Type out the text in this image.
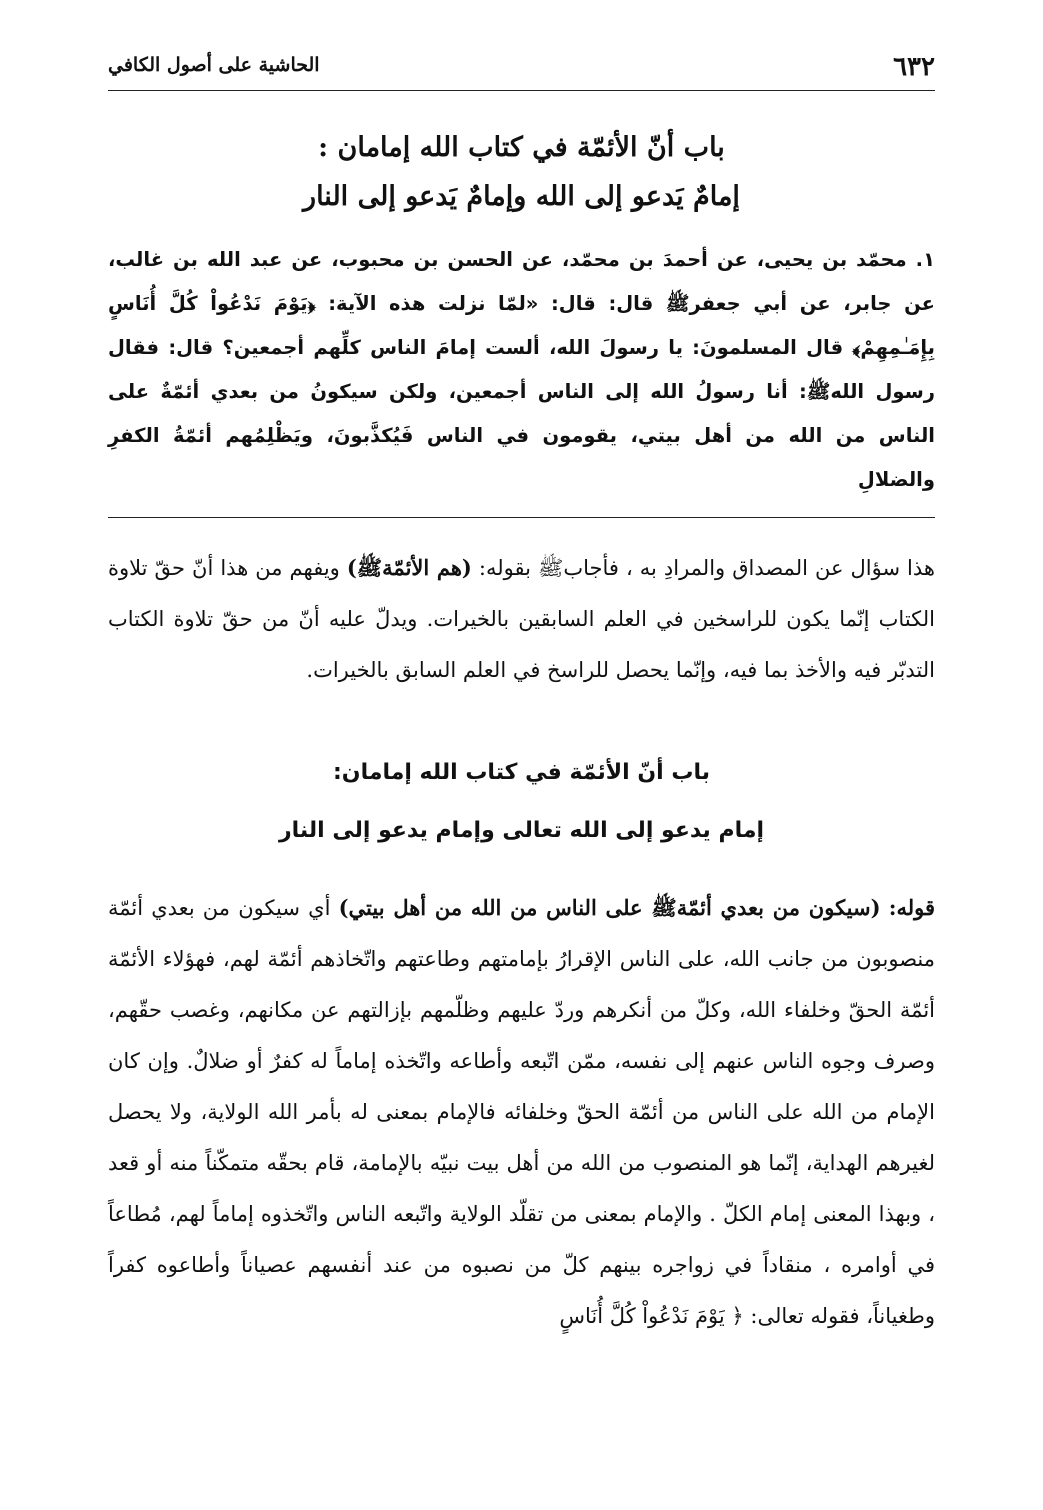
٦٣٢
الحاشية على أصول الكافي
باب أنّ الأئمّة في كتاب الله إمامان :
إمامٌ يَدعو إلى الله وإمامٌ يَدعو إلى النار
١. محمّد بن يحيى، عن أحمدَ بن محمّد، عن الحسن بن محبوب، عن عبد الله بن غالب، عن جابر، عن أبي جعفرﷺ قال: قال: «لمّا نزلت هذه الآية: ﴿يَوْمَ نَدْعُواْ كُلَّ أُنَاسٍ بِإِمَـٰمِهِمْ﴾ قال المسلمونَ: يا رسولَ الله، ألست إمامَ الناس كلِّهم أجمعين؟ قال: فقال رسول اللهﷺ: أنا رسولُ الله إلى الناس أجمعين، ولكن سيكونُ من بعدي أئمّةٌ على الناس من الله من أهل بيتي، يقومون في الناس فَيُكذَّبونَ، ويَظْلِمُهم أئمّةُ الكفرِ والضلالِ
هذا سؤال عن المصداق والمرادِ به ، فأجابﷺ بقوله: (هم الأئمّةﷺ) ويفهم من هذا أنّ حقّ تلاوة الكتاب إنّما يكون للراسخين في العلم السابقين بالخيرات. ويدلّ عليه أنّ من حقّ تلاوة الكتاب التدبّر فيه والأخذ بما فيه، وإنّما يحصل للراسخ في العلم السابق بالخيرات.
باب أنّ الأئمّة في كتاب الله إمامان:
إمام يدعو إلى الله تعالى وإمام يدعو إلى النار
قوله: (سيكون من بعدي أئمّةﷺ على الناس من الله من أهل بيتي) أي سيكون من بعدي أئمّة منصوبون من جانب الله، على الناس الإقرارُ بإمامتهم وطاعتهم واتّخاذهم أئمّة لهم، فهؤلاء الأئمّة أئمّة الحقّ وخلفاء الله، وكلّ من أنكرهم وردّ عليهم وظلّمهم بإزالتهم عن مكانهم، وغصب حقّهم، وصرف وجوه الناس عنهم إلى نفسه، ممّن اتّبعه وأطاعه واتّخذه إماماً له كفرٌ أو ضلالٌ. وإن كان الإمام من الله على الناس من أئمّة الحقّ وخلفائه فالإمام بمعنى له بأمر الله الولاية، ولا يحصل لغيرهم الهداية، إنّما هو المنصوب من الله من أهل بيت نبيّه بالإمامة، قام بحقّه متمكّناً منه أو قعد ، وبهذا المعنى إمام الكلّ . والإمام بمعنى من تقلّد الولاية واتّبعه الناس واتّخذوه إماماً لهم، مُطاعاً في أوامره ، منقاداً في زواجره بينهم كلّ من نصبوه من عند أنفسهم عصياناً وأطاعوه كفراً وطغياناً، فقوله تعالى: ﴿ يَوْمَ نَدْعُواْ كُلَّ أُنَاسٍ
